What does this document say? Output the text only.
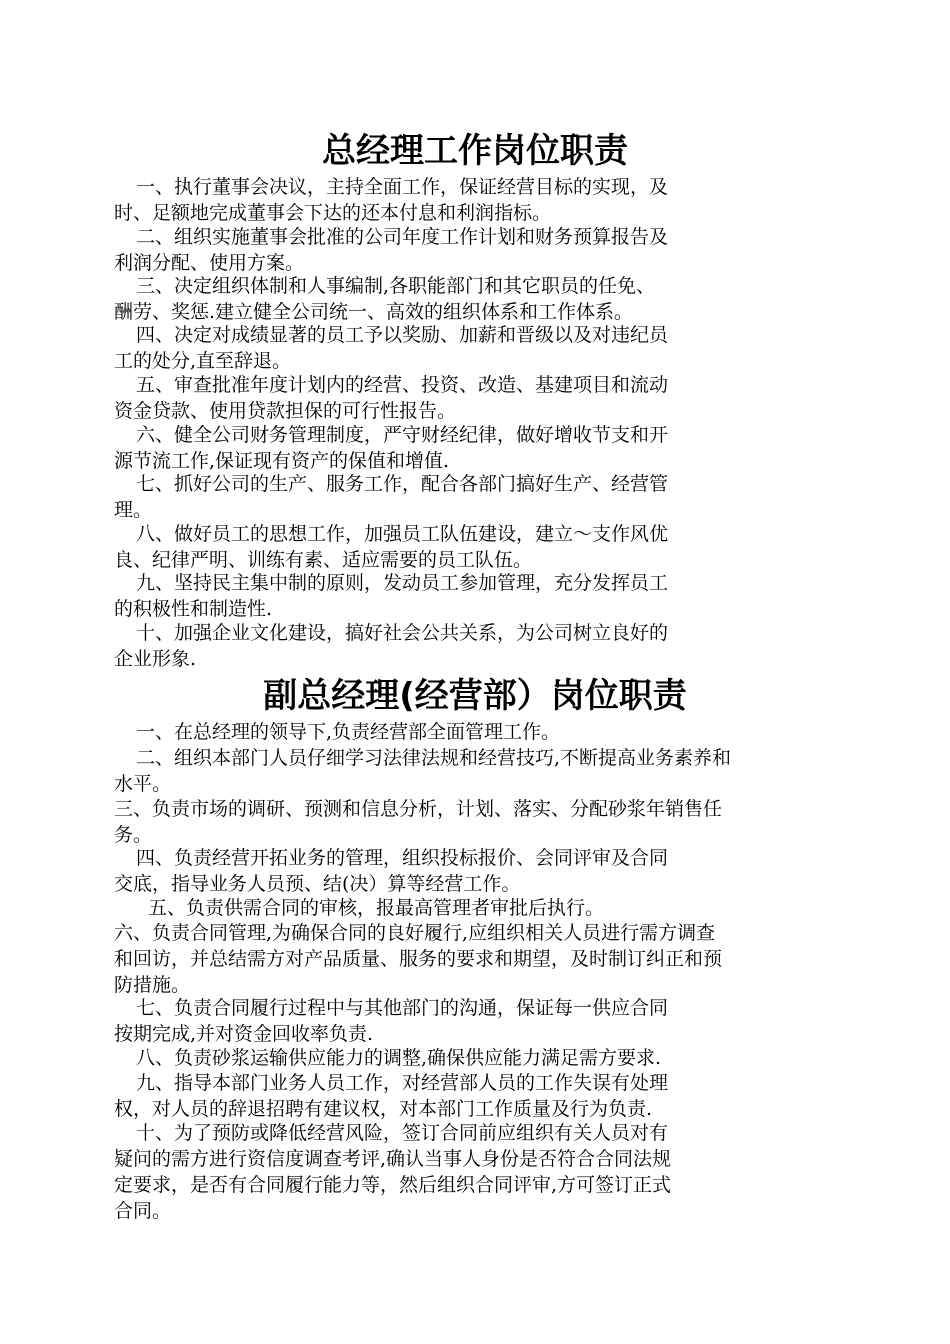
总经理工作岗位职责
一、执行董事会决议，主持全面工作，保证经营目标的实现，及
时、足额地完成董事会下达的还本付息和利润指标。
二、组织实施董事会批准的公司年度工作计划和财务预算报告及
利润分配、使用方案。
三、决定组织体制和人事编制,各职能部门和其它职员的任免、
酬劳、奖惩.建立健全公司统一、高效的组织体系和工作体系。
四、决定对成绩显著的员工予以奖励、加薪和晋级以及对违纪员
工的处分,直至辞退。
五、审查批准年度计划内的经营、投资、改造、基建项目和流动
资金贷款、使用贷款担保的可行性报告。
六、健全公司财务管理制度，严守财经纪律，做好增收节支和开
源节流工作,保证现有资产的保值和增值.
七、抓好公司的生产、服务工作，配合各部门搞好生产、经营管
理。
八、做好员工的思想工作，加强员工队伍建设，建立～支作风优
良、纪律严明、训练有素、适应需要的员工队伍。
九、坚持民主集中制的原则，发动员工参加管理，充分发挥员工
的积极性和制造性.
十、加强企业文化建设，搞好社会公共关系，为公司树立良好的
企业形象.
副总经理(经营部）岗位职责
一、在总经理的领导下,负责经营部全面管理工作。
二、组织本部门人员仔细学习法律法规和经营技巧,不断提高业务素养和
水平。
三、负责市场的调研、预测和信息分析，计划、落实、分配砂浆年销售任
务。
四、负责经营开拓业务的管理，组织投标报价、会同评审及合同
交底，指导业务人员预、结(决）算等经营工作。
五、负责供需合同的审核，报最高管理者审批后执行。
六、负责合同管理,为确保合同的良好履行,应组织相关人员进行需方调查
和回访，并总结需方对产品质量、服务的要求和期望，及时制订纠正和预
防措施。
七、负责合同履行过程中与其他部门的沟通，保证每一供应合同
按期完成,并对资金回收率负责.
八、负责砂浆运输供应能力的调整,确保供应能力满足需方要求.
九、指导本部门业务人员工作，对经营部人员的工作失误有处理
权，对人员的辞退招聘有建议权，对本部门工作质量及行为负责.
十、为了预防或降低经营风险，签订合同前应组织有关人员对有
疑问的需方进行资信度调查考评,确认当事人身份是否符合合同法规
定要求，是否有合同履行能力等，然后组织合同评审,方可签订正式
合同。
